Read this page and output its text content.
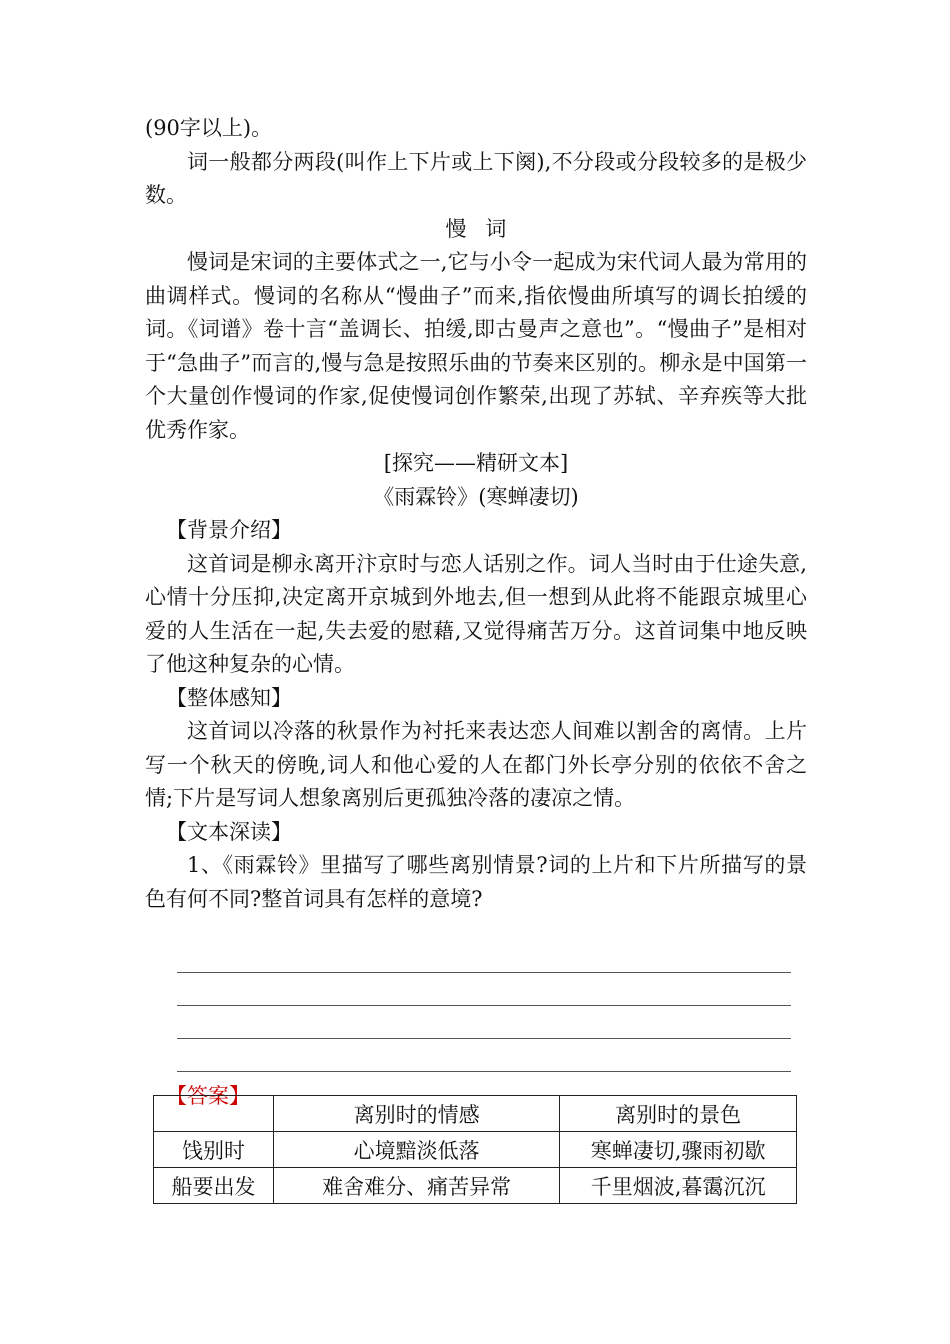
(90字以上)。

词一般都分两段(叫作上下片或上下阕),不分段或分段较多的是极少数。

慢词

慢词是宋词的主要体式之一,它与小令一起成为宋代词人最为常用的曲调样式。慢词的名称从“慢曲子”而来,指依慢曲所填写的调长拍缓的词。《词谱》卷十言“盖调长、拍缓,即古曼声之意也”。“慢曲子”是相对于“急曲子”而言的,慢与急是按照乐曲的节奏来区别的。柳永是中国第一个大量创作慢词的作家,促使慢词创作繁荣,出现了苏轼、辛弃疾等大批优秀作家。

[探究——精研文本]

《雨霖铃》(寒蝉凄切)

【背景介绍】

这首词是柳永离开汴京时与恋人话别之作。词人当时由于仕途失意,心情十分压抑,决定离开京城到外地去,但一想到从此将不能跟京城里心爱的人生活在一起,失去爱的慰藉,又觉得痛苦万分。这首词集中地反映了他这种复杂的心情。

【整体感知】

这首词以冷落的秋景作为衬托来表达恋人间难以割舍的离情。上片写一个秋天的傍晚,词人和他心爱的人在都门外长亭分别的依依不舍之情;下片是写词人想象离别后更孤独冷落的凄凉之情。

【文本深读】

1、《雨霖铃》里描写了哪些离别情景?词的上片和下片所描写的景色有何不同?整首词具有怎样的意境?

【答案】

	离别时的情感	离别时的景色
饯别时	心境黯淡低落	寒蝉凄切,骤雨初歇
船要出发	难舍难分、痛苦异常	千里烟波,暮霭沉沉
